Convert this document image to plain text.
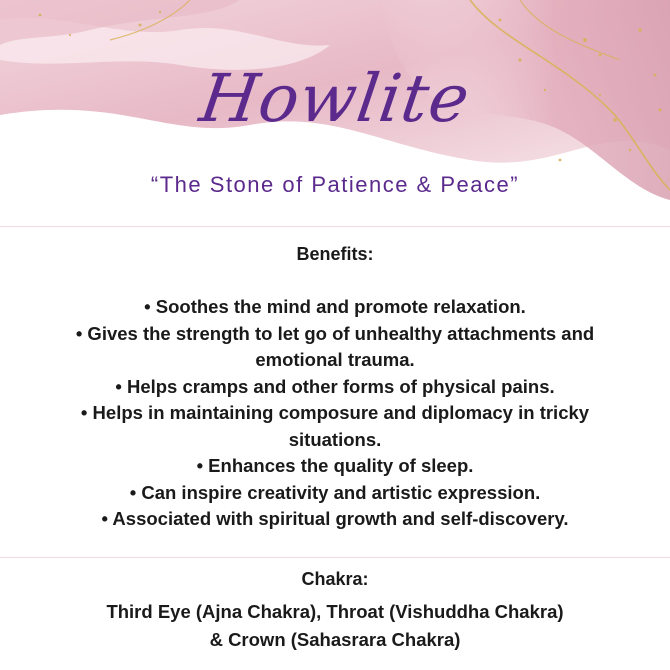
Howlite
“The Stone of Patience & Peace”
Benefits:
• Soothes the mind and promote relaxation.
• Gives the strength to let go of unhealthy attachments and emotional trauma.
• Helps cramps and other forms of physical pains.
• Helps in maintaining composure and diplomacy in tricky situations.
• Enhances the quality of sleep.
• Can inspire creativity and artistic expression.
• Associated with spiritual growth and self-discovery.
Chakra:
Third Eye (Ajna Chakra), Throat (Vishuddha Chakra)
& Crown (Sahasrara Chakra)
